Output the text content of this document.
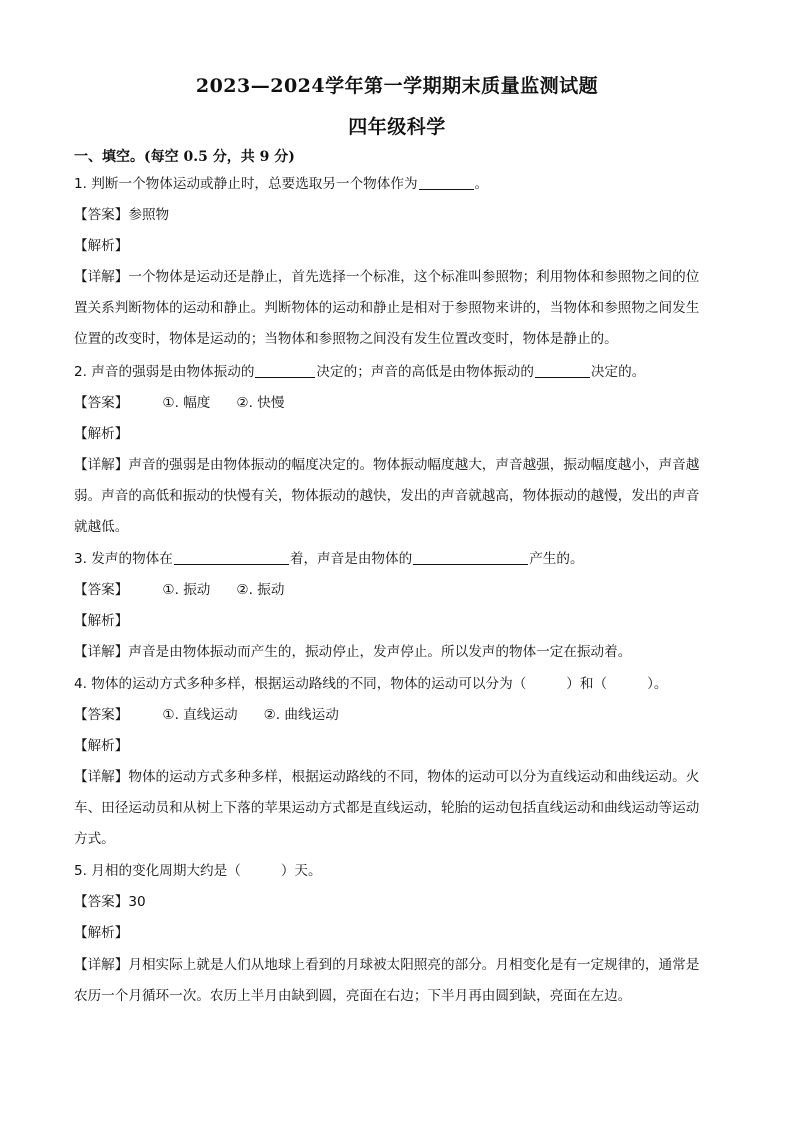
2023—2024学年第一学期期末质量监测试题
四年级科学
一、填空。(每空 0.5 分，共 9 分)
1. 判断一个物体运动或静止时，总要选取另一个物体作为	。
【答案】参照物
【解析】
【详解】一个物体是运动还是静止，首先选择一个标准，这个标准叫参照物；利用物体和参照物之间的位
置关系判断物体的运动和静止。判断物体的运动和静止是相对于参照物来讲的，当物体和参照物之间发生
位置的改变时，物体是运动的；当物体和参照物之间没有发生位置改变时，物体是静止的。
2. 声音的强弱是由物体振动的	决定的；声音的高低是由物体振动的	决定的。
【答案】	①. 幅度 ②. 快慢
【解析】
【详解】声音的强弱是由物体振动的幅度决定的。物体振动幅度越大，声音越强，振动幅度越小，声音越
弱。声音的高低和振动的快慢有关，物体振动的越快，发出的声音就越高，物体振动的越慢，发出的声音
就越低。
3. 发声的物体在	着，声音是由物体的	产生的。
【答案】	①. 振动 ②. 振动
【解析】
【详解】声音是由物体振动而产生的，振动停止，发声停止。所以发声的物体一定在振动着。
4. 物体的运动方式多种多样，根据运动路线的不同，物体的运动可以分为（	）和（	）。
【答案】	①. 直线运动 ②. 曲线运动
【解析】
【详解】物体的运动方式多种多样，根据运动路线的不同，物体的运动可以分为直线运动和曲线运动。火
车、田径运动员和从树上下落的苹果运动方式都是直线运动，轮胎的运动包括直线运动和曲线运动等运动
方式。
5. 月相的变化周期大约是（	）天。
【答案】30
【解析】
【详解】月相实际上就是人们从地球上看到的月球被太阳照亮的部分。月相变化是有一定规律的，通常是
农历一个月循环一次。农历上半月由缺到圆，亮面在右边；下半月再由圆到缺，亮面在左边。
